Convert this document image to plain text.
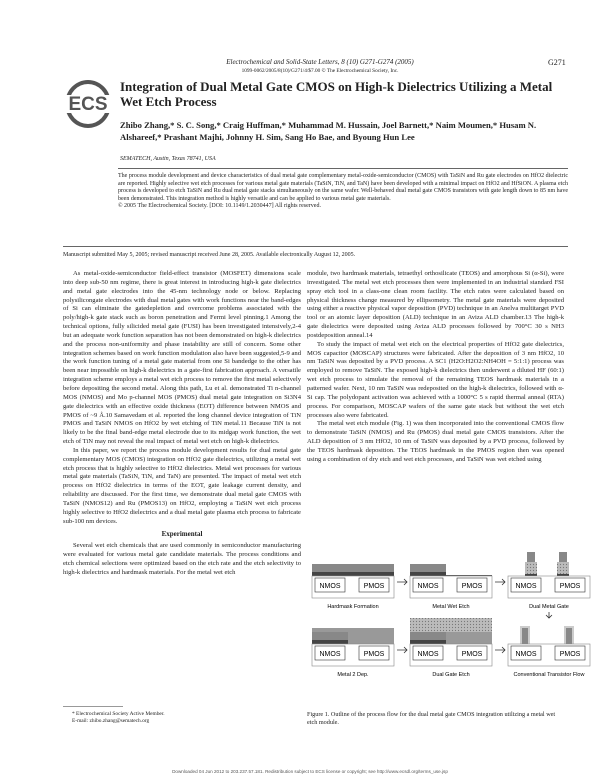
Electrochemical and Solid-State Letters, 8 (10) G271-G274 (2005)
1099-0062/2005/8(10)/G271/4/$7.00 © The Electrochemical Society, Inc.
G271
ECS
Integration of Dual Metal Gate CMOS on High-k Dielectrics Utilizing a Metal Wet Etch Process
Zhibo Zhang,* S. C. Song,* Craig Huffman,* Muhammad M. Hussain, Joel Barnett,* Naim Moumen,* Husam N. Alshareef,* Prashant Majhi, Johnny H. Sim, Sang Ho Bae, and Byoung Hun Lee
SEMATECH, Austin, Texas 78741, USA
The process module development and device characteristics of dual metal gate complementary metal-oxide-semiconductor (CMOS) with TaSiN and Ru gate electrodes on HfO2 dielectric are reported. Highly selective wet etch processes for various metal gate materials (TaSiN, TiN, and TaN) have been developed with a minimal impact on HfO2 and HfSiON. A plasma etch process is developed to etch TaSiN and Ru dual metal gate stacks simultaneously on the same wafer. Well-behaved dual metal gate CMOS transistors with gate length down to 85 nm have been demonstrated. This integration method is highly versatile and can be applied to various metal gate materials.
© 2005 The Electrochemical Society. [DOI: 10.1149/1.2030447] All rights reserved.
Manuscript submitted May 5, 2005; revised manuscript received June 28, 2005. Available electronically August 12, 2005.

As metal-oxide-semiconductor field-effect transistor (MOSFET) dimensions scale into deep sub-50 nm regime, there is great interest in introducing high-k gate dielectrics and metal gate electrodes into the 45-nm technology node or below. Replacing polysilicongate electrodes with dual metal gates with work functions near the band-edges of Si can eliminate the gatedepletion and overcome problems associated with the poly/high-k gate stack such as boron penetration and Fermi level pinning.1 Among the technical options, fully silicided metal gate (FUSI) has been investigated intensively,2-4 but an adequate work function separation has not been demonstrated on high-k dielectrics and the process non-uniformity and phase instability are still of concern. Some other integration schemes based on work function modulation also have been suggested,5-9 and the work function tuning of a metal gate material from one Si bandedge to the other has been near impossible on high-k dielectrics in a gate-first fabrication approach. A versatile integration scheme employs a metal wet etch process to remove the first metal selectively before depositing the second metal. Along this path, Lu et al. demonstrated Ti n-channel MOS (NMOS) and Mo p-channel MOS (PMOS) dual metal gate integration on Si3N4 gate dielectrics with an effective oxide thickness (EOT) difference between NMOS and PMOS of ~9 Å.10 Samavedam et al. reported the long channel device integration of TiN PMOS and TaSiN NMOS on HfO2 by wet etching of TiN metal.11 Because TiN is not likely to be the final band-edge metal electrode due to its midgap work function, the wet etch of TiN may not reveal the real impact of metal wet etch on high-k dielectrics.

In this paper, we report the process module development results for dual metal gate complementary MOS (CMOS) integration on HfO2 gate dielectrics, utilizing a metal wet etch process that is highly selective to HfO2 dielectrics. Metal wet processes for various metal gate materials (TaSiN, TiN, and TaN) are presented. The impact of metal wet etch process on HfO2 dielectrics in terms of the EOT, gate leakage current density, and reliability are discussed. For the first time, we demonstrate dual metal gate CMOS with TaSiN (NMOS12) and Ru (PMOS13) on HfO2, employing a TaSiN wet etch process highly selective to HfO2 dielectrics and a dual metal gate plasma etch process to fabricate sub-100 nm devices.

Experimental

Several wet etch chemicals that are used commonly in semiconductor manufacturing were evaluated for various metal gate candidate materials. The process conditions and etch chemical selections were optimized based on the etch rate and the etch selectivity to high-k dielectrics and hardmask materials. For the metal wet etch

* Electrochemical Society Active Member.
E-mail: zhibo.zhang@sematech.org

module, two hardmask materials, tetraethyl orthosilicate (TEOS) and amorphous Si (α-Si), were investigated. The metal wet etch processes then were implemented in an industrial standard FSI spray etch tool in a class-one clean room facility. The etch rates were calculated based on physical thickness change measured by ellipsometry. The metal gate materials were deposited using either a reactive physical vapor deposition (PVD) technique in an Anelva multitarget PVD tool or an atomic layer deposition (ALD) technique in an Aviza ALD chamber.13 The high-k gate dielectrics were deposited using Aviza ALD processes followed by 700°C 30 s NH3 postdeposition anneal.14

To study the impact of metal wet etch on the electrical properties of HfO2 gate dielectrics, MOS capacitor (MOSCAP) structures were fabricated. After the deposition of 3 nm HfO2, 10 nm TaSiN was deposited by a PVD process. A SC1 (H2O:H2O2:NH4OH = 5:1:1) process was employed to remove TaSiN. The exposed high-k dielectrics then underwent a diluted HF (60:1) wet etch process to simulate the removal of the remaining TEOS hardmask materials in a patterned wafer. Next, 10 nm TaSiN was redeposited on the high-k dielectrics, followed with α-Si cap. The polydopant activation was achieved with a 1000°C 5 s rapid thermal anneal (RTA) process. For comparison, MOSCAP wafers of the same gate stack but without the wet etch processes also were fabricated.

The metal wet etch module (Fig. 1) was then incorporated into the conventional CMOS flow to demonstrate TaSiN (NMOS) and Ru (PMOS) dual metal gate CMOS transistors. After the ALD deposition of 3 nm HfO2, 10 nm of TaSiN was deposited by a PVD process, followed by the TEOS hardmask deposition. The TEOS hardmask in the PMOS region then was opened using a combination of dry etch and wet etch processes, and TaSiN was wet etched using

NMOS	PMOS
Hardmask Formation
NMOS	PMOS
Metal Wet Etch
NMOS	PMOS
Dual Metal Gate
NMOS	PMOS
Metal 2 Dep.
NMOS	PMOS
Dual Gate Etch
NMOS	PMOS
Conventional Transistor Flow
Figure 1. Outline of the process flow for the dual metal gate CMOS integration utilizing a metal wet etch module.
Downloaded 04 Jun 2012 to 203.237.57.181. Redistribution subject to ECS license or copyright; see http://www.ecsdl.org/terms_use.jsp
